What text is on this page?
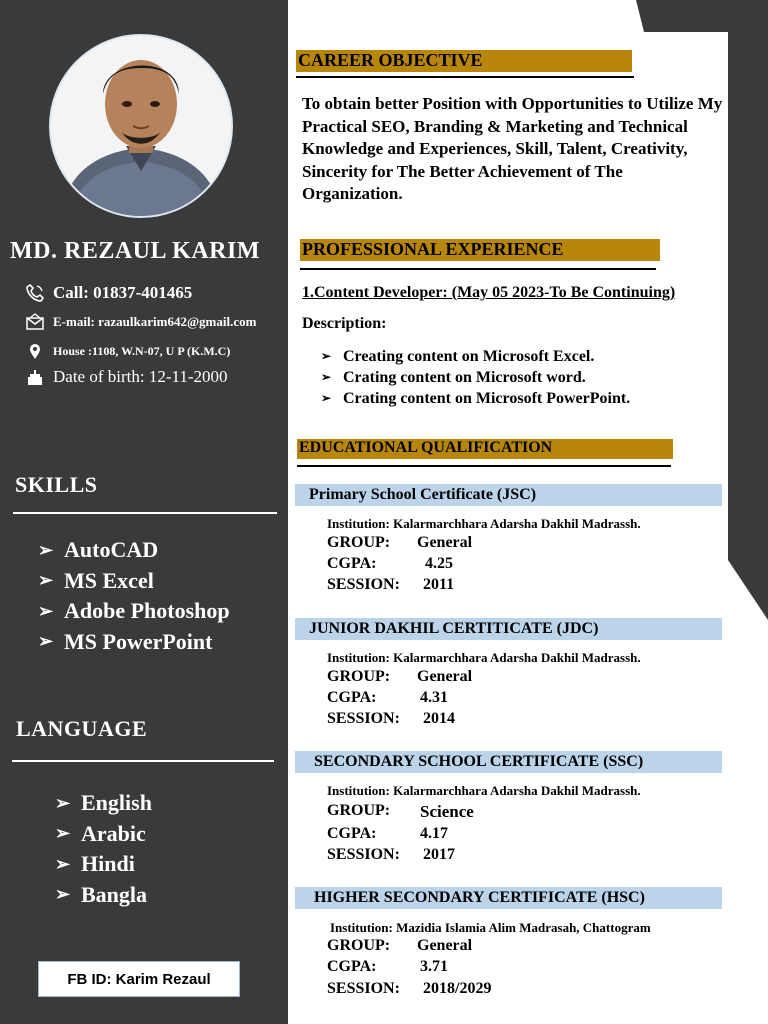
MD. REZAUL KARIM
Call: 01837-401465
E-mail: razaulkarim642@gmail.com
House :1108, W.N-07, U P (K.M.C)
Date of birth: 12-11-2000
SKILLS
➢ AutoCAD
➢ MS Excel
➢ Adobe Photoshop
➢ MS PowerPoint
LANGUAGE
➢ English
➢ Arabic
➢ Hindi
➢ Bangla
FB ID: Karim Rezaul
CAREER OBJECTIVE
To obtain better Position with Opportunities to Utilize My Practical SEO, Branding & Marketing and Technical Knowledge and Experiences, Skill, Talent, Creativity, Sincerity for The Better Achievement of The Organization.
PROFESSIONAL EXPERIENCE
1.Content Developer: (May 05 2023-To Be Continuing)
Description:
➢ Creating content on Microsoft Excel.
➢ Crating content on Microsoft word.
➢ Crating content on Microsoft PowerPoint.
EDUCATIONAL QUALIFICATION
Primary School Certificate (JSC)
Institution: Kalarmarchhara Adarsha Dakhil Madrassh.
GROUP:	General
CGPA:	4.25
SESSION:	2011
JUNIOR DAKHIL CERTITICATE (JDC)
Institution: Kalarmarchhara Adarsha Dakhil Madrassh.
GROUP:	General
CGPA:	4.31
SESSION:	2014
SECONDARY SCHOOL CERTIFICATE (SSC)
Institution: Kalarmarchhara Adarsha Dakhil Madrassh.
GROUP:	Science
CGPA:	4.17
SESSION:	2017
HIGHER SECONDARY CERTIFICATE (HSC)
Institution: Mazidia Islamia Alim Madrasah, Chattogram
GROUP:	General
CGPA:	3.71
SESSION:	2018/2029
